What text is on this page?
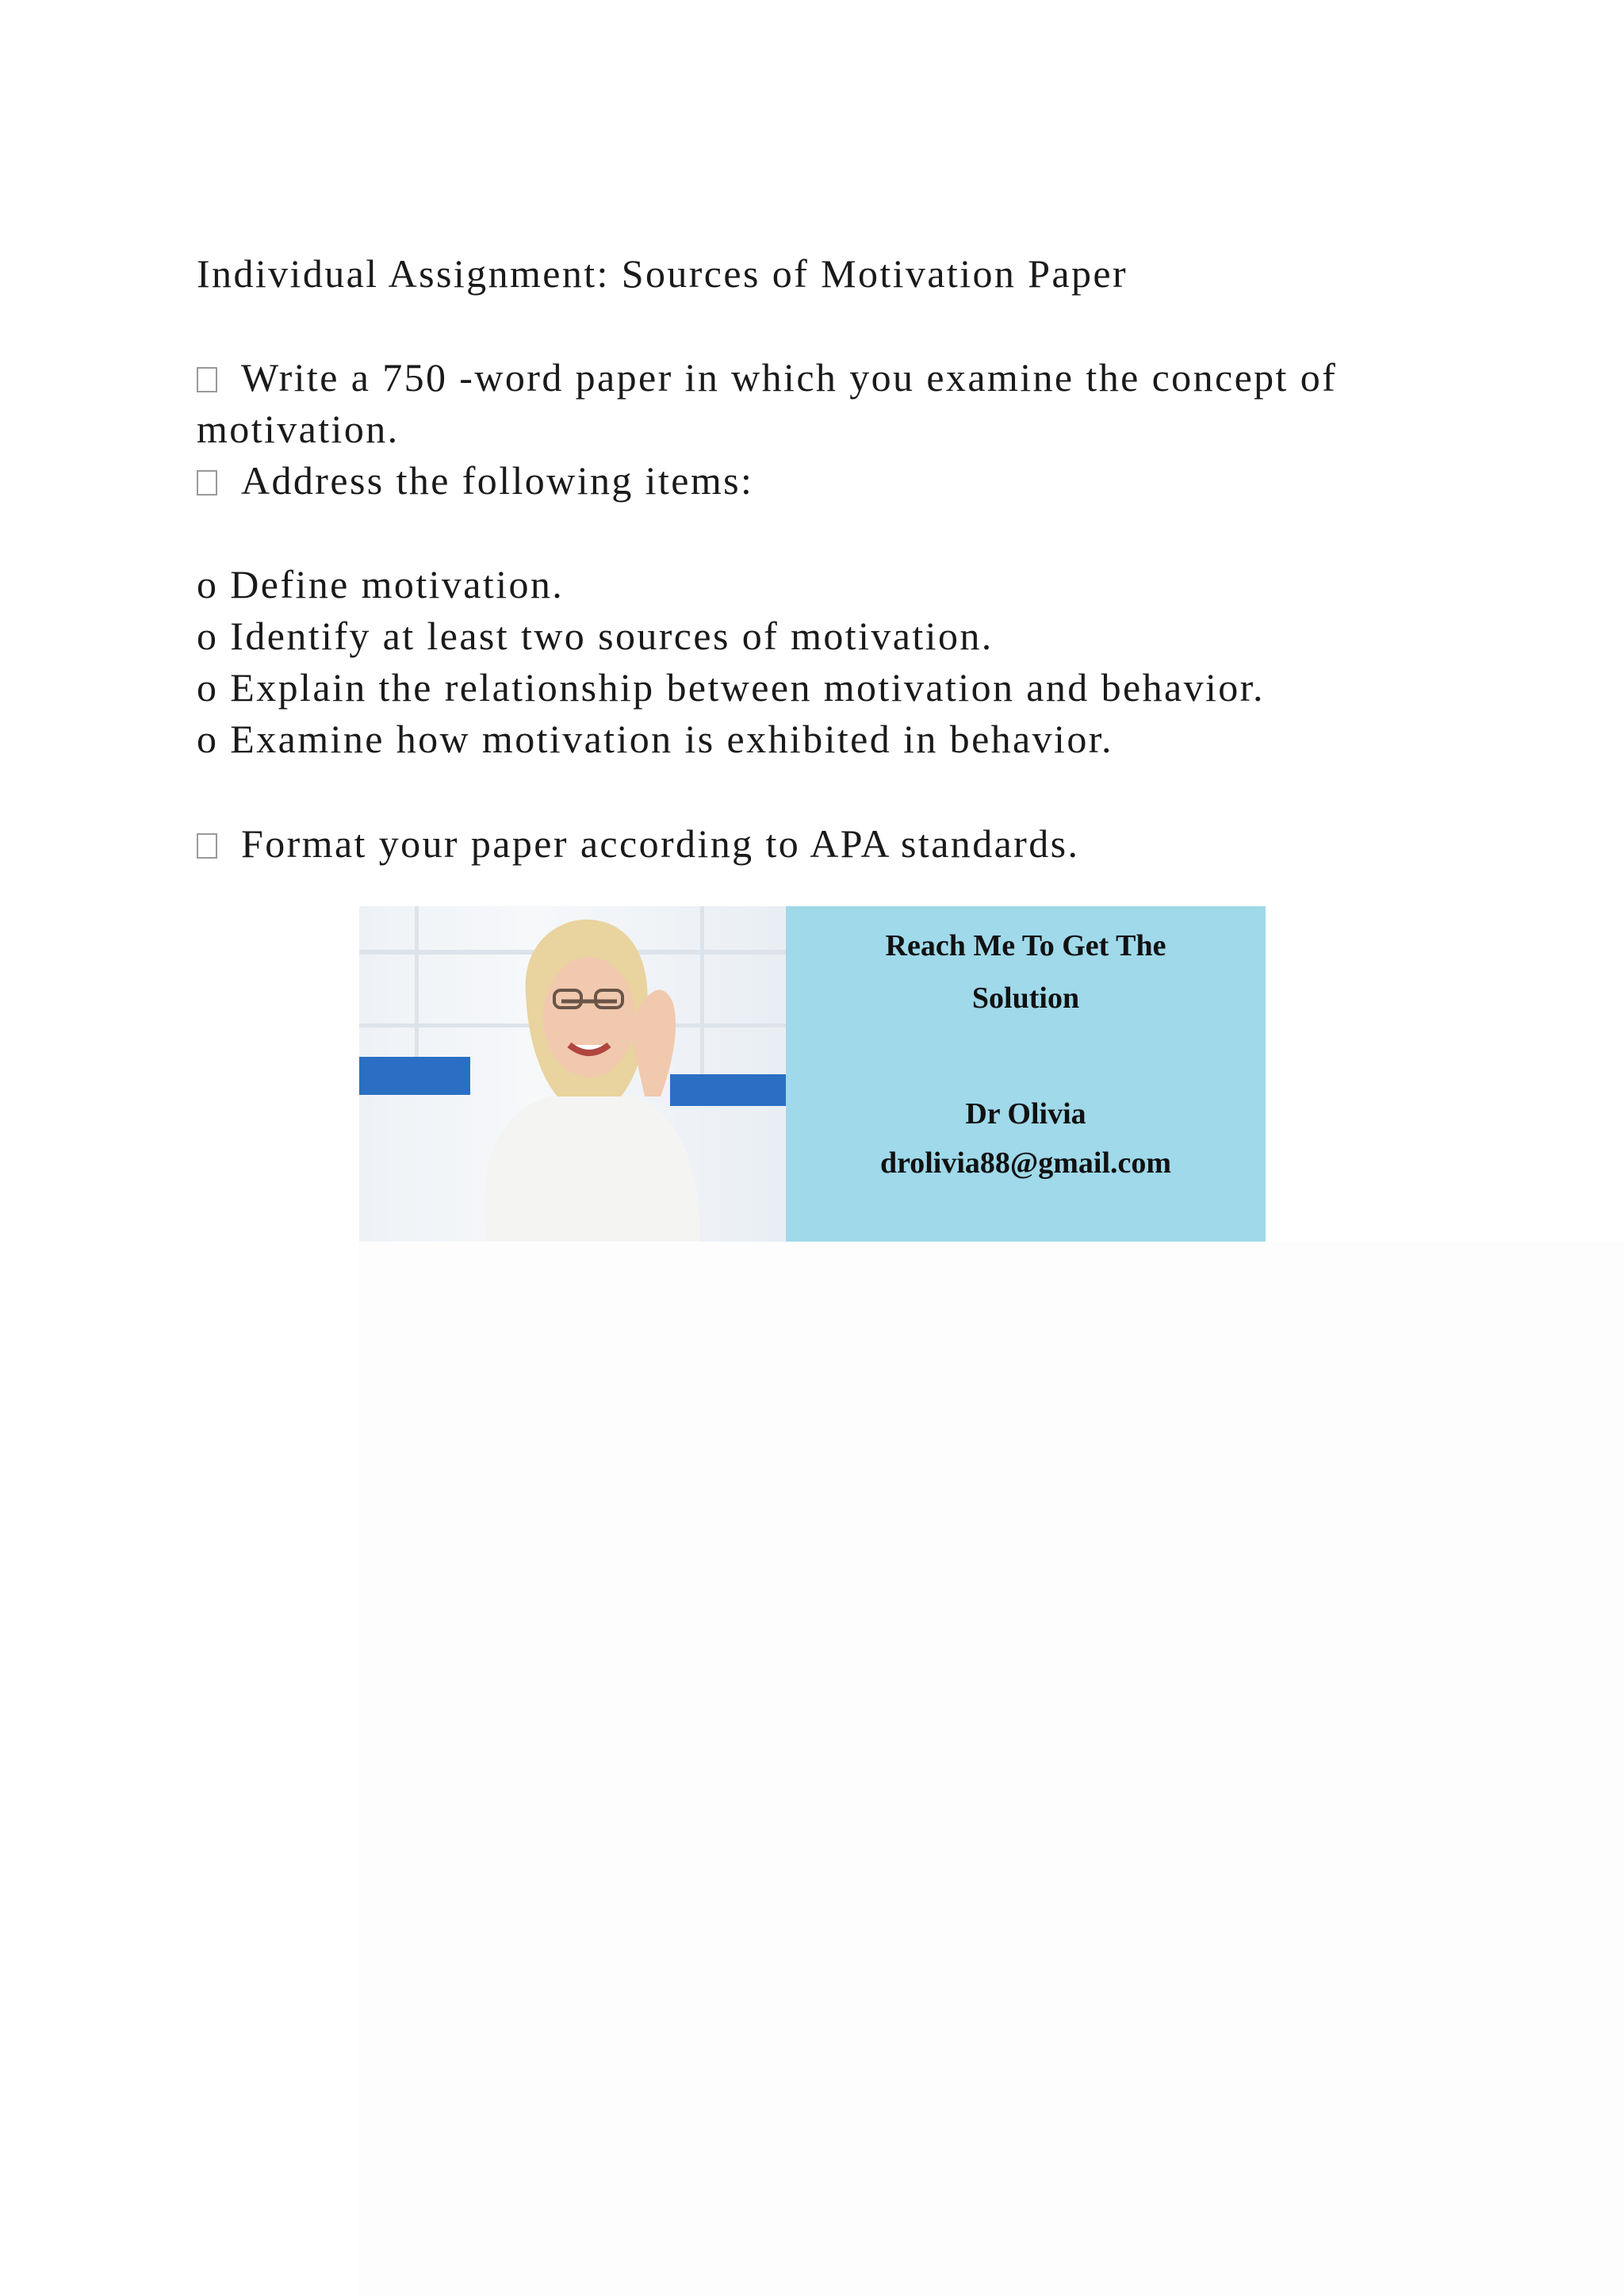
Individual Assignment: Sources of Motivation Paper
Write a 750 -word paper in which you examine the concept of
motivation.
Address the following items:
o Define motivation.
o Identify at least two sources of motivation.
o Explain the relationship between motivation and behavior.
o Examine how motivation is exhibited in behavior.
Format your paper according to APA standards.
Reach Me To Get The
Solution
Dr Olivia
drolivia88@gmail.com
